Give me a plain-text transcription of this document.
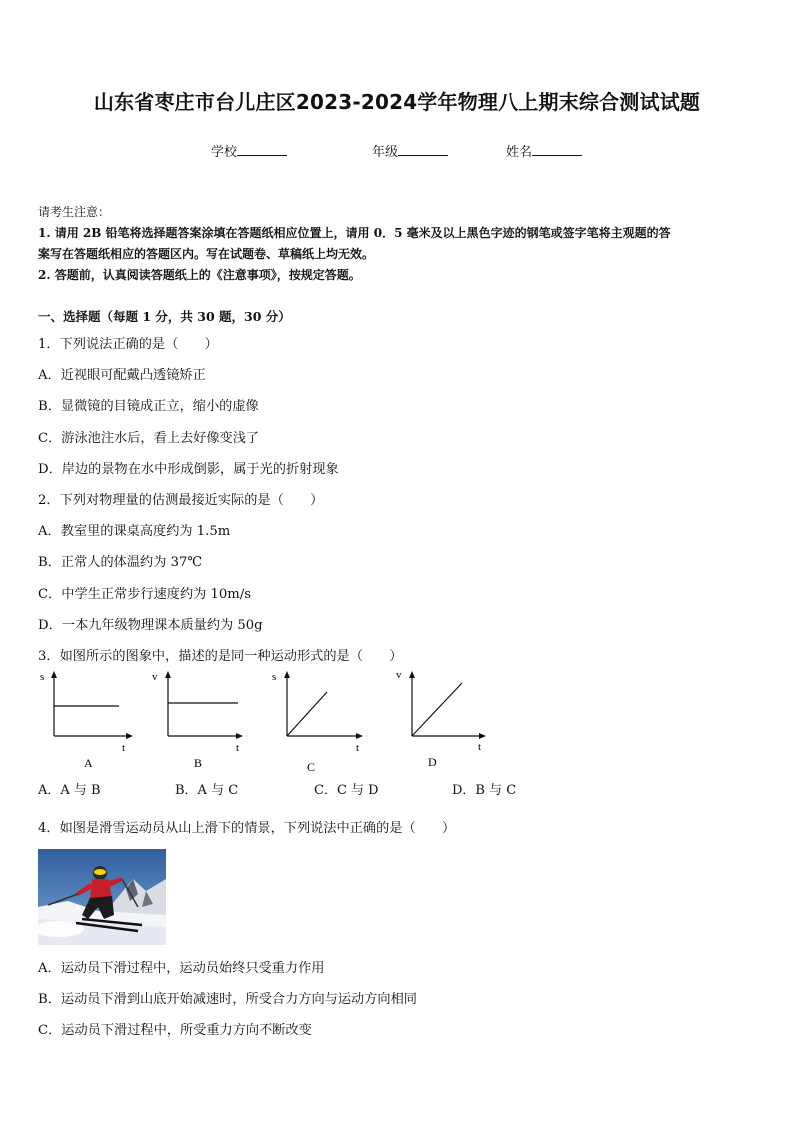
山东省枣庄市台儿庄区2023-2024学年物理八上期末综合测试试题
学校	年级	姓名
请考生注意：
1. 请用 2B 铅笔将选择题答案涂填在答题纸相应位置上，请用 0．5 毫米及以上黑色字迹的钢笔或签字笔将主观题的答
案写在答题纸相应的答题区内。写在试题卷、草稿纸上均无效。
2. 答题前，认真阅读答题纸上的《注意事项》，按规定答题。
一、选择题（每题 1 分，共 30 题，30 分）
1．下列说法正确的是（　　）
A．近视眼可配戴凸透镜矫正
B．显微镜的目镜成正立，缩小的虚像
C．游泳池注水后，看上去好像变浅了
D．岸边的景物在水中形成倒影，属于光的折射现象
2．下列对物理量的估测最接近实际的是（　　）
A．教室里的课桌高度约为 1.5m
B．正常人的体温约为 37℃
C．中学生正常步行速度约为 10m/s
D．一本九年级物理课本质量约为 50g
3．如图所示的图象中，描述的是同一种运动形式的是（　　）
s
t
A
v
t
B
s
t
C
v
t
D
A．A 与 B	B．A 与 C	C．C 与 D	D．B 与 C
4．如图是滑雪运动员从山上滑下的情景，下列说法中正确的是（　　）
A．运动员下滑过程中，运动员始终只受重力作用
B．运动员下滑到山底开始减速时，所受合力方向与运动方向相同
C．运动员下滑过程中，所受重力方向不断改变
